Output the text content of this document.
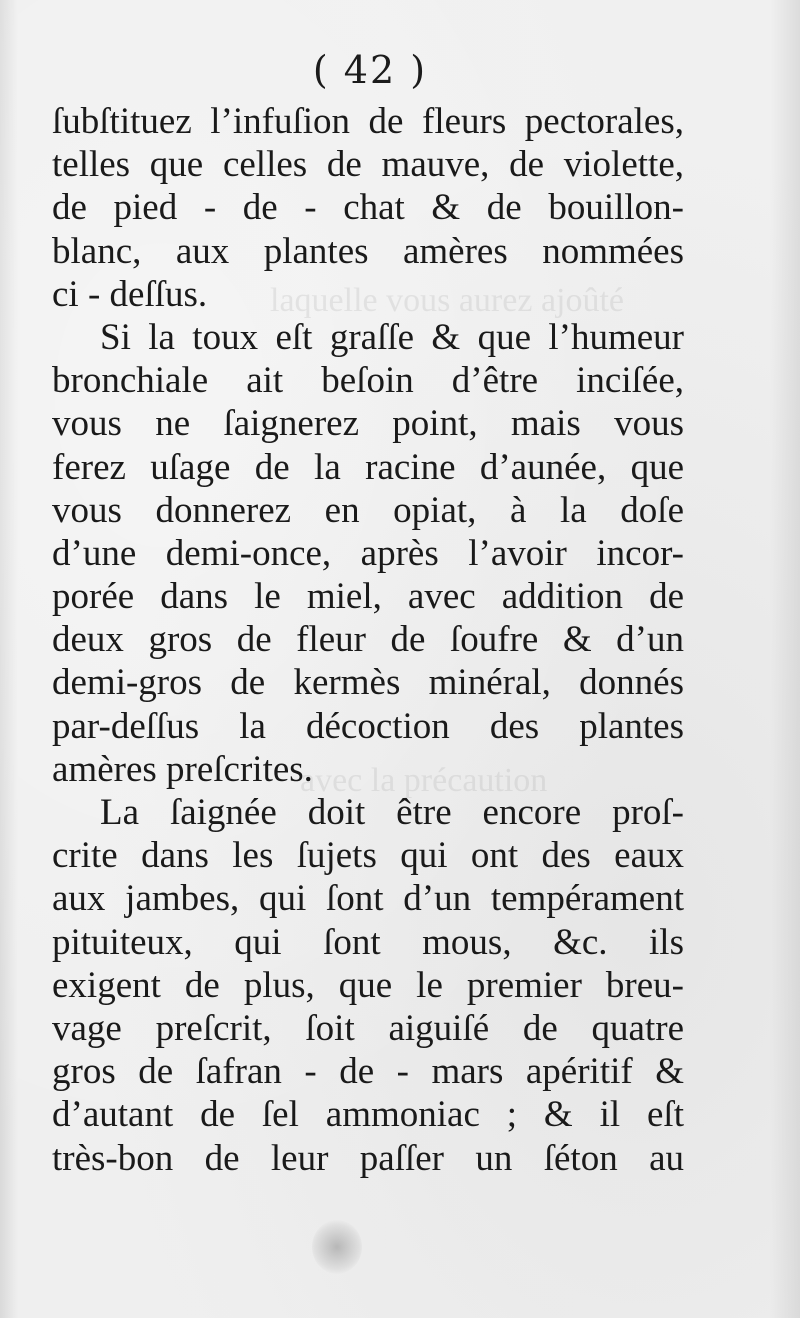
laquelle vous aurez ajoûté
avec la précaution
( 42 )
ſubſtituez l’infuſion de fleurs pectorales,
telles que celles de mauve, de violette,
de pied - de - chat & de bouillon-
blanc, aux plantes amères nommées
ci - deſſus.
Si la toux eſt graſſe & que l’humeur
bronchiale ait beſoin d’être inciſée,
vous ne ſaignerez point, mais vous
ferez uſage de la racine d’aunée, que
vous donnerez en opiat, à la doſe
d’une demi-once, après l’avoir incor-
porée dans le miel, avec addition de
deux gros de fleur de ſoufre & d’un
demi-gros de kermès minéral, donnés
par-deſſus la décoction des plantes
amères preſcrites.
La ſaignée doit être encore proſ-
crite dans les ſujets qui ont des eaux
aux jambes, qui ſont d’un tempérament
pituiteux, qui ſont mous, &c. ils
exigent de plus, que le premier breu-
vage preſcrit, ſoit aiguiſé de quatre
gros de ſafran - de - mars apéritif &
d’autant de ſel ammoniac ; & il eſt
très-bon de leur paſſer un ſéton au
